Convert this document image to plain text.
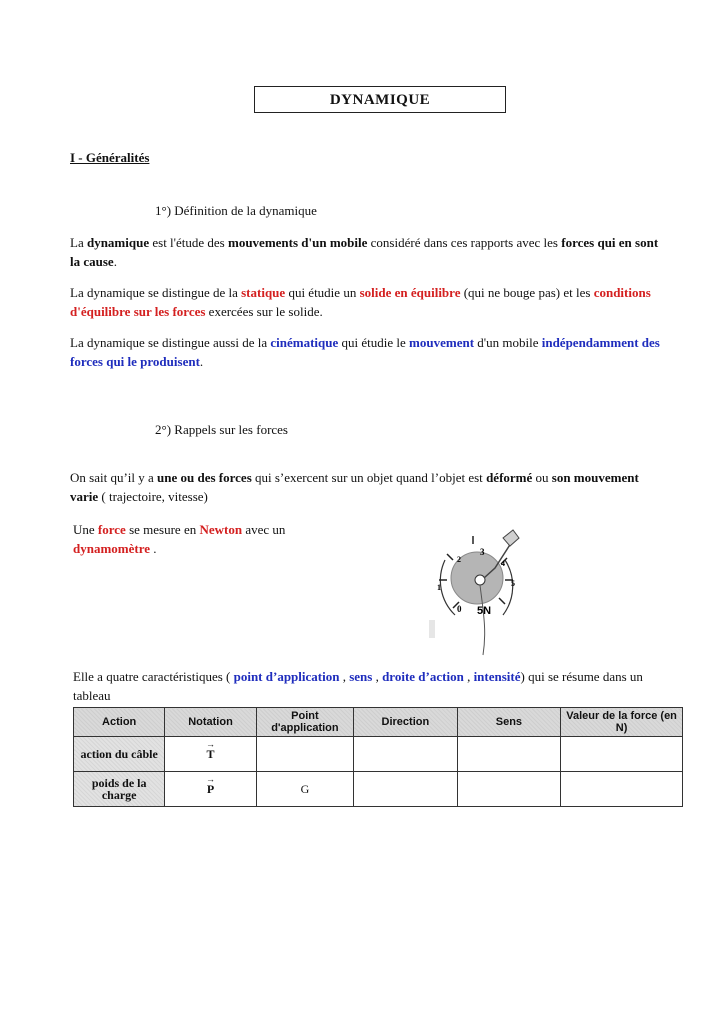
DYNAMIQUE
I - Généralités
1°) Définition de la dynamique
La dynamique est l'étude des mouvements d'un mobile considéré dans ces rapports avec les forces qui en sont la cause.
La dynamique se distingue de la statique qui étudie un solide en équilibre (qui ne bouge pas) et les conditions d'équilibre sur les forces exercées sur le solide.
La dynamique se distingue aussi de la cinématique qui étudie le mouvement d'un mobile indépendamment des forces qui le produisent.
2°) Rappels sur les forces
On sait qu’il y a une ou des forces qui s’exercent sur un objet quand l’objet est déformé ou son mouvement varie ( trajectoire, vitesse)
Une force se mesure en Newton avec un dynamomètre .	3
2	4
1	5
0 5N
Elle a quatre caractéristiques ( point d’application , sens , droite d’action , intensité) qui se résume dans un tableau
Action	Notation	Point d'application	Direction	Sens	Valeur de la force (en N)
action du câble	→ T				
poids de la charge	→ P	G			
